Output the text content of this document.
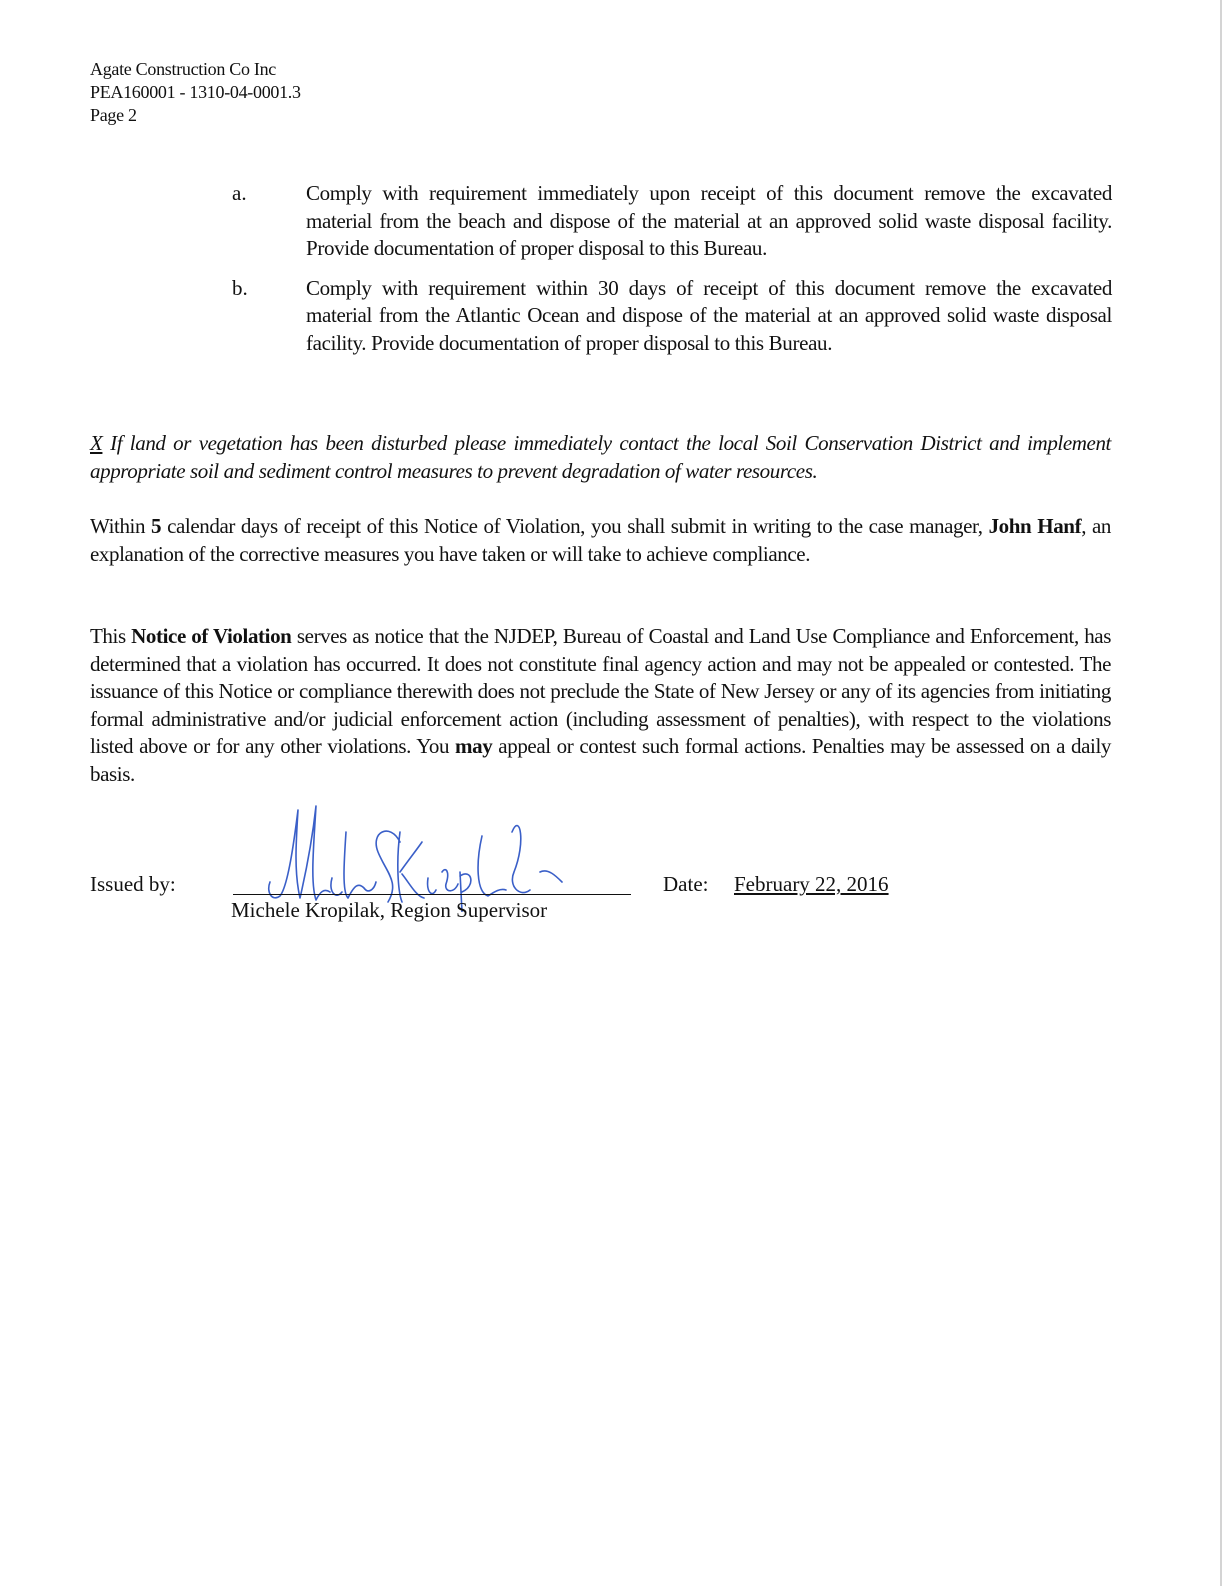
Agate Construction Co Inc
PEA160001 - 1310-04-0001.3
Page 2
a.	Comply with requirement immediately upon receipt of this document remove the excavated material from the beach and dispose of the material at an approved solid waste disposal facility. Provide documentation of proper disposal to this Bureau.
b.	Comply with requirement within 30 days of receipt of this document remove the excavated material from the Atlantic Ocean and dispose of the material at an approved solid waste disposal facility. Provide documentation of proper disposal to this Bureau.
X If land or vegetation has been disturbed please immediately contact the local Soil Conservation District and implement appropriate soil and sediment control measures to prevent degradation of water resources.
Within 5 calendar days of receipt of this Notice of Violation, you shall submit in writing to the case manager, John Hanf, an explanation of the corrective measures you have taken or will take to achieve compliance.
This Notice of Violation serves as notice that the NJDEP, Bureau of Coastal and Land Use Compliance and Enforcement, has determined that a violation has occurred. It does not constitute final agency action and may not be appealed or contested. The issuance of this Notice or compliance therewith does not preclude the State of New Jersey or any of its agencies from initiating formal administrative and/or judicial enforcement action (including assessment of penalties), with respect to the violations listed above or for any other violations. You may appeal or contest such formal actions. Penalties may be assessed on a daily basis.
Issued by:
Michele Kropilak, Region Supervisor
Date: February 22, 2016
